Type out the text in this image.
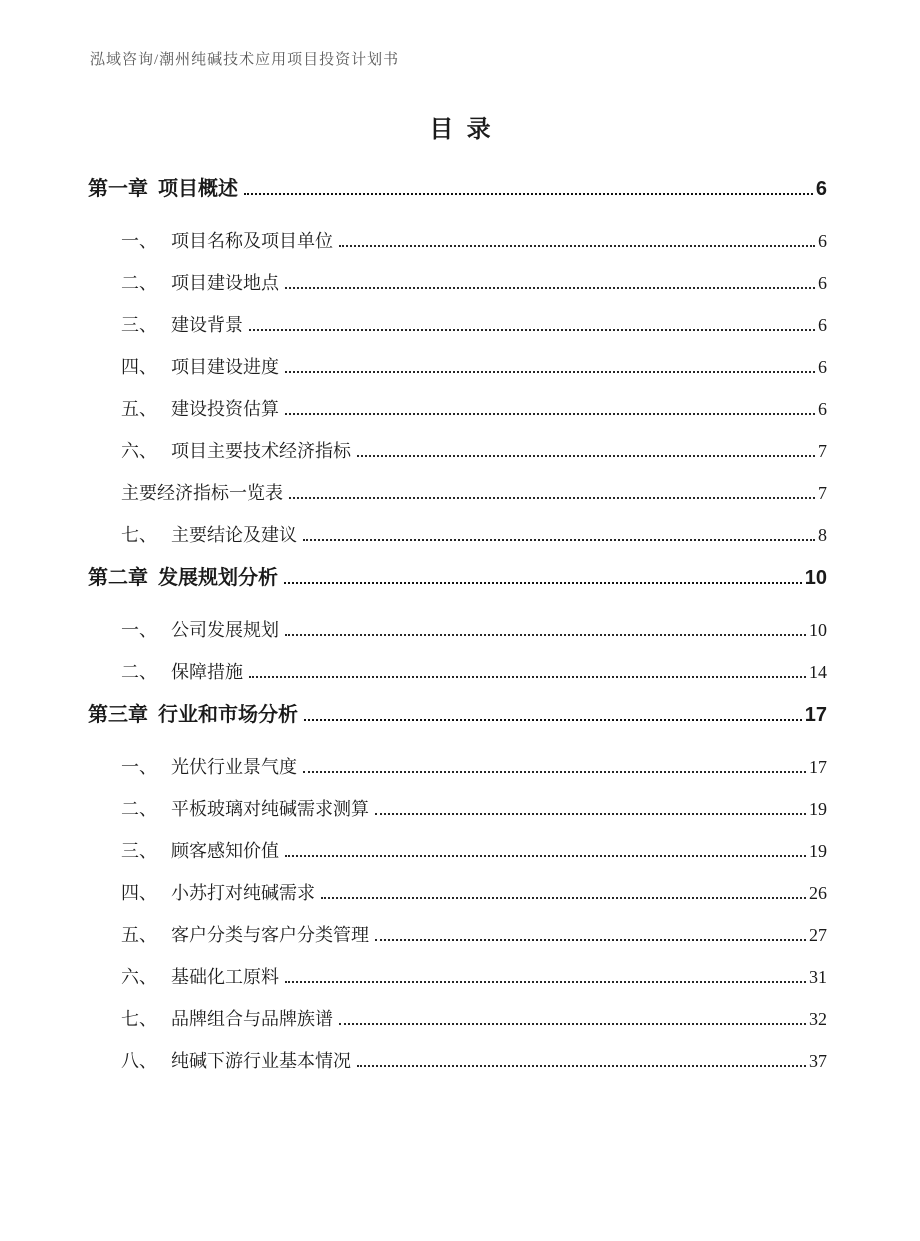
泓域咨询/潮州纯碱技术应用项目投资计划书
目录
第一章 项目概述	6
一、 项目名称及项目单位	6
二、 项目建设地点	6
三、 建设背景	6
四、 项目建设进度	6
五、 建设投资估算	6
六、 项目主要技术经济指标	7
主要经济指标一览表	7
七、 主要结论及建议	8
第二章 发展规划分析	10
一、 公司发展规划	10
二、 保障措施	14
第三章 行业和市场分析	17
一、 光伏行业景气度	17
二、 平板玻璃对纯碱需求测算	19
三、 顾客感知价值	19
四、 小苏打对纯碱需求	26
五、 客户分类与客户分类管理	27
六、 基础化工原料	31
七、 品牌组合与品牌族谱	32
八、 纯碱下游行业基本情况	37
